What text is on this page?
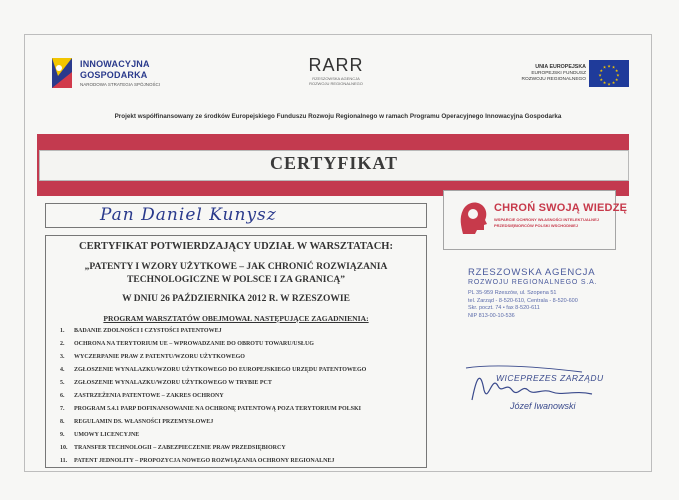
INNOWACYJNA
GOSPODARKA
NARODOWA STRATEGIA SPÓJNOŚCI
RARR
RZESZOWSKA AGENCJA
ROZWOJU REGIONALNEGO
UNIA EUROPEJSKA
EUROPEJSKI FUNDUSZ
ROZWOJU REGIONALNEGO
★ ★
★
★
★
★
★
★
★
★
★
★
Projekt współfinansowany ze środków Europejskiego Funduszu Rozwoju Regionalnego w ramach Programu Operacyjnego Innowacyjna Gospodarka
CERTYFIKAT
Pan Daniel Kunysz	CHROŃ SWOJĄ WIEDZĘ
WSPARCIE OCHRONY WŁASNOŚCI INTELEKTUALNEJ
PRZEDSIĘBIORCÓW POLSKI WSCHODNIEJ
CERTYFIKAT POTWIERDZAJĄCY UDZIAŁ W WARSZTATACH:
„PATENTY I WZORY UŻYTKOWE – JAK CHRONIĆ ROZWIĄZANIA
TECHNOLOGICZNE W POLSCE I ZA GRANICĄ”
W DNIU 26 PAŹDZIERNIKA 2012 R. W RZESZOWIE
PROGRAM WARSZTATÓW OBEJMOWAŁ NASTĘPUJĄCE ZAGADNIENIA:
1. BADANIE ZDOLNOŚCI I CZYSTOŚCI PATENTOWEJ
2. OCHRONA NA TERYTORIUM UE – WPROWADZANIE DO OBROTU TOWARU/USŁUG
3. WYCZERPANIE PRAW Z PATENTU/WZORU UŻYTKOWEGO
4. ZGŁOSZENIE WYNALAZKU/WZORU UŻYTKOWEGO DO EUROPEJSKIEGO URZĘDU PATENTOWEGO
5. ZGŁOSZENIE WYNALAZKU/WZORU UŻYTKOWEGO W TRYBIE PCT
6. ZASTRZEŻENIA PATENTOWE – ZAKRES OCHRONY
7. PROGRAM 5.4.1 PARP DOFINANSOWANIE NA OCHRONĘ PATENTOWĄ POZA TERYTORIUM POLSKI
8. REGULAMIN DS. WŁASNOŚCI PRZEMYSŁOWEJ
9. UMOWY LICENCYJNE
10. TRANSFER TECHNOLOGII – ZABEZPIECZENIE PRAW PRZEDSIĘBIORCY
11. PATENT JEDNOLITY – PROPOZYCJA NOWEGO ROZWIĄZANIA OCHRONY REGIONALNEJ
RZESZOWSKA AGENCJA
ROZWOJU REGIONALNEGO S.A.
PL 35-959 Rzeszów, ul. Szopena 51
tel. Zarząd - 8-520-610, Centrala - 8-520-600
Skr. poczt. 74 • fax 8-520-611
NIP 813-00-10-536
WICEPREZES ZARZĄDU
Józef Iwanowski
